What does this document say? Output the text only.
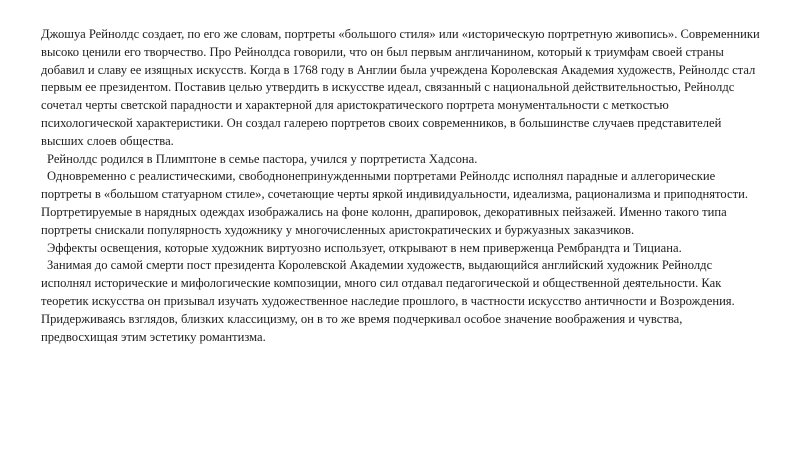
Джошуа Рейнолдс создает, по его же словам, портреты «большого стиля» или «историческую портретную живопись». Современники высоко ценили его творчество. Про Рейнолдса говорили, что он был первым англичанином, который к триумфам своей страны добавил и славу ее изящных искусств. Когда в 1768 году в Англии была учреждена Королевская Академия художеств, Рейнолдс стал первым ее президентом. Поставив целью утвердить в искусстве идеал, связанный с национальной действительностью, Рейнолдс сочетал черты светской парадности и характерной для аристократического портрета монументальности с меткостью психологической характеристики. Он создал галерею портретов своих современников, в большинстве случаев представителей высших слоев общества.

Рейнолдс родился в Плимптоне в семье пастора, учился у портретиста Хадсона.

Одновременно с реалистическими, свободнонепринужденными портретами Рейнолдс исполнял парадные и аллегорические портреты в «большом статуарном стиле», сочетающие черты яркой индивидуальности, идеализма, рационализма и приподнятости. Портретируемые в нарядных одеждах изображались на фоне колонн, драпировок, декоративных пейзажей. Именно такого типа портреты снискали популярность художнику у многочисленных аристократических и буржуазных заказчиков.

Эффекты освещения, которые художник виртуозно использует, открывают в нем приверженца Рембрандта и Тициана.

Занимая до самой смерти пост президента Королевской Академии художеств, выдающийся английский художник Рейнолдс исполнял исторические и мифологические композиции, много сил отдавал педагогической и общественной деятельности. Как теоретик искусства он призывал изучать художественное наследие прошлого, в частности искусство античности и Возрождения. Придерживаясь взглядов, близких классицизму, он в то же время подчеркивал особое значение воображения и чувства, предвосхищая этим эстетику романтизма.
